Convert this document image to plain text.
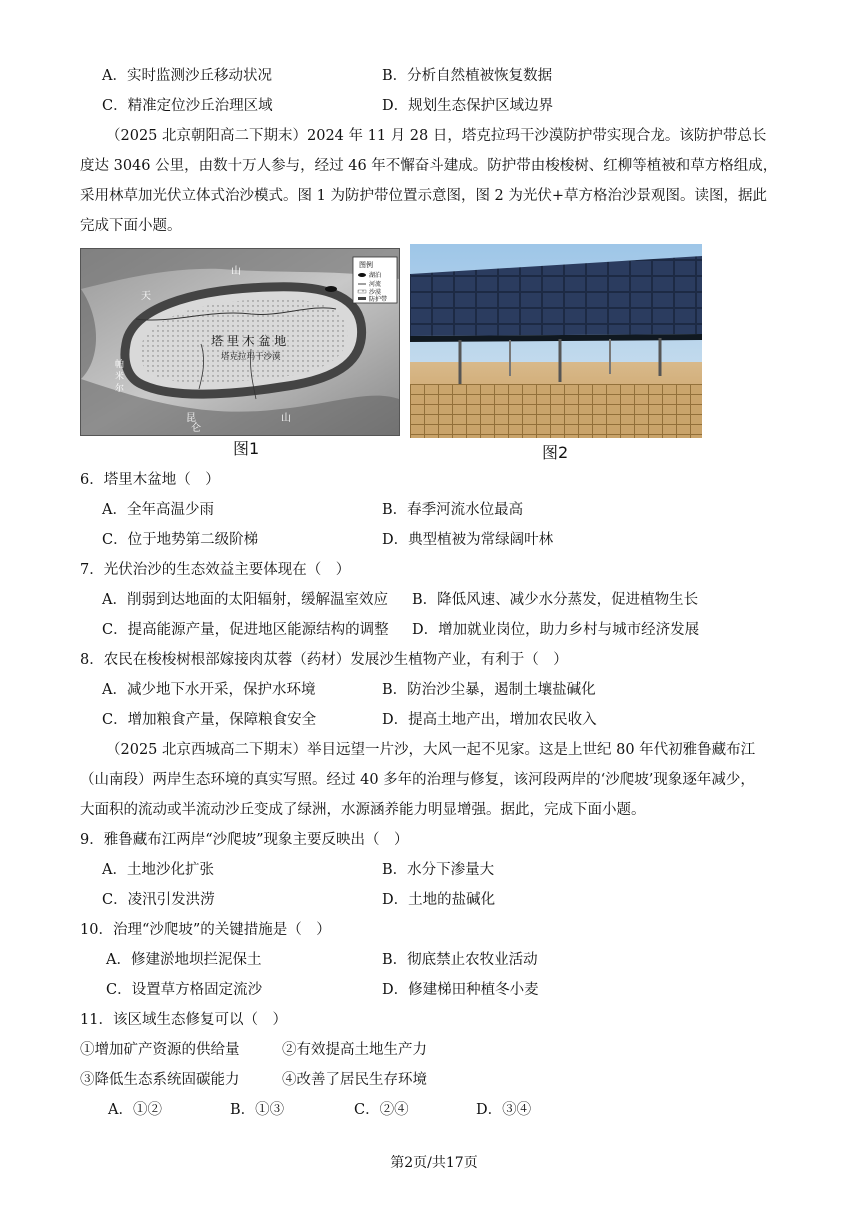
A．实时监测沙丘移动状况	B．分析自然植被恢复数据
C．精准定位沙丘治理区域	D．规划生态保护区域边界
（2025 北京朝阳高二下期末）2024 年 11 月 28 日，塔克拉玛干沙漠防护带实现合龙。该防护带总长
度达 3046 公里，由数十万人参与，经过 46 年不懈奋斗建成。防护带由梭梭树、红柳等植被和草方格组成，
采用林草加光伏立体式治沙模式。图 1 为防护带位置示意图，图 2 为光伏+草方格治沙景观图。读图，据此
完成下面小题。
图例
湖泊
河流
沙漠
防护带
塔 里 木 盆 地
塔克拉玛干沙漠
天
山
昆
仑
山
帕
米
尔
图1	图2
6．塔里木盆地（　）
A．全年高温少雨	B．春季河流水位最高
C．位于地势第二级阶梯	D．典型植被为常绿阔叶林
7．光伏治沙的生态效益主要体现在（　）
A．削弱到达地面的太阳辐射，缓解温室效应 B．降低风速、减少水分蒸发，促进植物生长
C．提高能源产量，促进地区能源结构的调整 D．增加就业岗位，助力乡村与城市经济发展
8．农民在梭梭树根部嫁接肉苁蓉（药材）发展沙生植物产业，有利于（　）
A．减少地下水开采，保护水环境	B．防治沙尘暴，遏制土壤盐碱化
C．增加粮食产量，保障粮食安全	D．提高土地产出，增加农民收入
（2025 北京西城高二下期末）举目远望一片沙，大风一起不见家。这是上世纪 80 年代初雅鲁藏布江
（山南段）两岸生态环境的真实写照。经过 40 多年的治理与修复，该河段两岸的‘沙爬坡’现象逐年减少，
大面积的流动或半流动沙丘变成了绿洲，水源涵养能力明显增强。据此，完成下面小题。
9．雅鲁藏布江两岸“沙爬坡”现象主要反映出（　）
A．土地沙化扩张	B．水分下渗量大
C．凌汛引发洪涝	D．土地的盐碱化
10．治理“沙爬坡”的关键措施是（　）
A．修建淤地坝拦泥保土	B．彻底禁止农牧业活动
C．设置草方格固定流沙	D．修建梯田种植冬小麦
11．该区域生态修复可以（　）
①增加矿产资源的供给量	②有效提高土地生产力
③降低生态系统固碳能力	④改善了居民生存环境
A．①②	B．①③	C．②④	D．③④
第2页/共17页
